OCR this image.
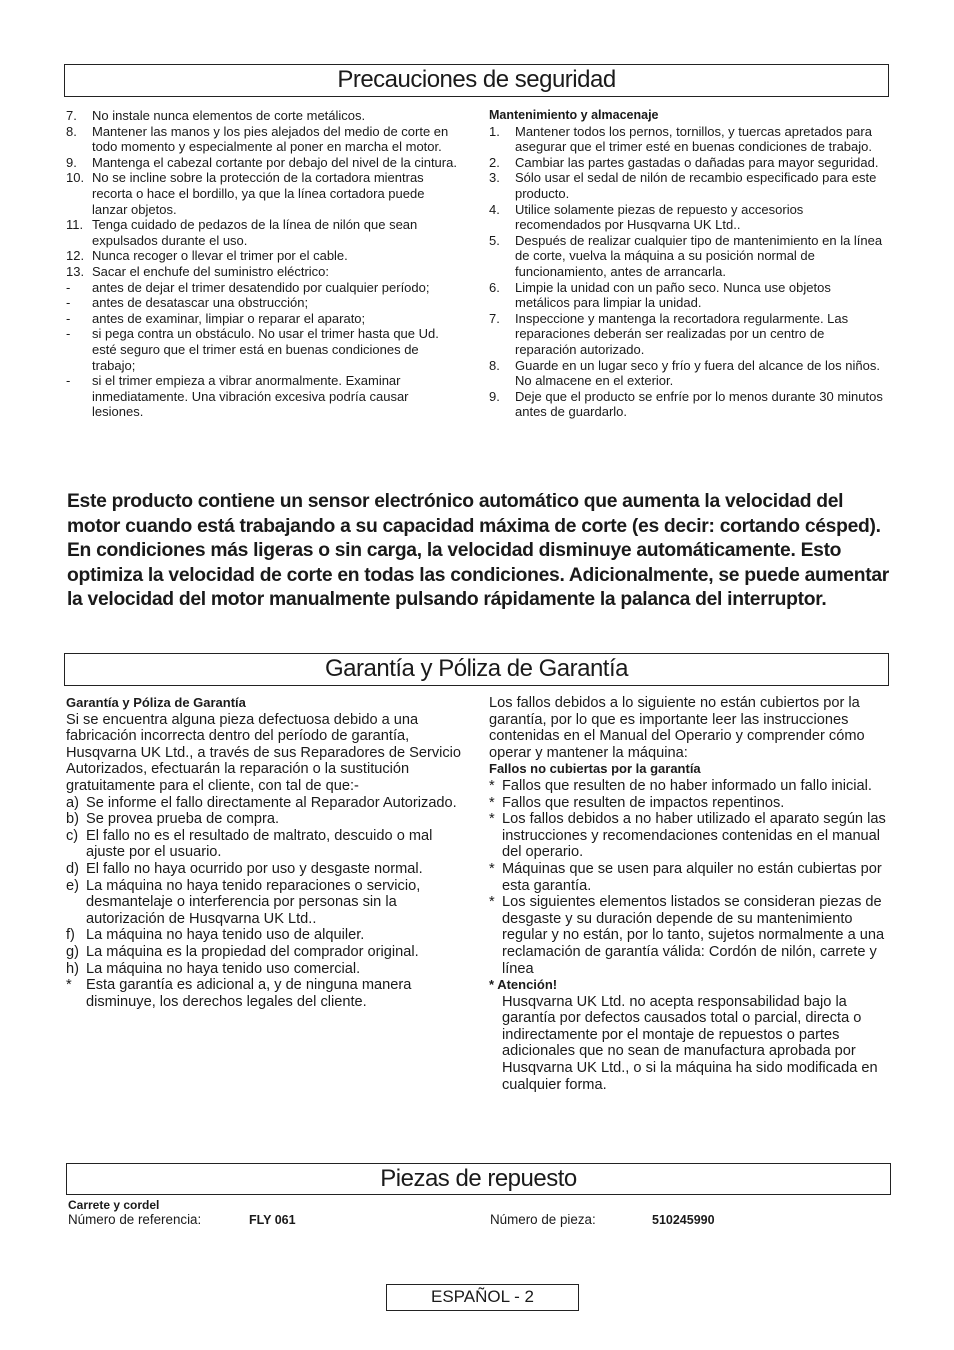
Precauciones de seguridad
7.	No instale nunca elementos de corte metálicos.
8.	Mantener las manos y los pies alejados del medio de corte en todo momento y especialmente al poner en marcha el motor.
9.	Mantenga el cabezal cortante por debajo del nivel de la cintura.
10. No se incline sobre la protección de la cortadora mientras recorta o hace el bordillo, ya que la línea cortadora puede lanzar objetos.
11. Tenga cuidado de pedazos de la línea de nilón que sean expulsados durante el uso.
12. Nunca recoger o llevar el trimer por el cable.
13. Sacar el enchufe del suministro eléctrico:
-	antes de dejar el trimer desatendido por cualquier período;
-	antes de desatascar una obstrucción;
-	antes de examinar, limpiar o reparar el aparato;
-	si pega contra un obstáculo. No usar el trimer hasta que Ud. esté seguro que el trimer está en buenas condiciones de trabajo;
-	si el trimer empieza a vibrar anormalmente. Examinar inmediatamente. Una vibración excesiva podría causar lesiones.
Mantenimiento y almacenaje
1.	Mantener todos los pernos, tornillos, y tuercas apretados para asegurar que el trimer esté en buenas condiciones de trabajo.
2.	Cambiar las partes gastadas o dañadas para mayor seguridad.
3.	Sólo usar el sedal de nilón de recambio especificado para este producto.
4.	Utilice solamente piezas de repuesto y accesorios recomendados por Husqvarna UK Ltd..
5.	Después de realizar cualquier tipo de mantenimiento en la línea de corte, vuelva la máquina a su posición normal de funcionamiento, antes de arrancarla.
6.	Limpie la unidad con un paño seco. Nunca use objetos metálicos para limpiar la unidad.
7.	Inspeccione y mantenga la recortadora regularmente. Las reparaciones deberán ser realizadas por un centro de reparación autorizado.
8.	Guarde en un lugar seco y frío y fuera del alcance de los niños. No almacene en el exterior.
9.	Deje que el producto se enfríe por lo menos durante 30 minutos antes de guardarlo.
Este producto contiene un sensor electrónico automático que aumenta la velocidad del motor cuando está trabajando a su capacidad máxima de corte (es decir: cortando césped). En condiciones más ligeras o sin carga, la velocidad disminuye automáticamente. Esto optimiza la velocidad de corte en todas las condiciones. Adicionalmente, se puede aumentar la velocidad del motor manualmente pulsando rápidamente la palanca del interruptor.
Garantía y Póliza de Garantía
Garantía y Póliza de Garantía
Si se encuentra alguna pieza defectuosa debido a una fabricación incorrecta dentro del período de garantía, Husqvarna UK Ltd., a través de sus Reparadores de Servicio Autorizados, efectuarán la reparación o la sustitución gratuitamente para el cliente, con tal de que:-
a) Se informe el fallo directamente al Reparador Autorizado.
b) Se provea prueba de compra.
c) El fallo no es el resultado de maltrato, descuido o mal ajuste por el usuario.
d) El fallo no haya ocurrido por uso y desgaste normal.
e) La máquina no haya tenido reparaciones o servicio, desmantelaje o interferencia por personas sin la autorización de Husqvarna UK Ltd..
f) La máquina no haya tenido uso de alquiler.
g) La máquina es la propiedad del comprador original.
h) La máquina no haya tenido uso comercial.
* Esta garantía es adicional a, y de ninguna manera disminuye, los derechos legales del cliente.
Los fallos debidos a lo siguiente no están cubiertos por la garantía, por lo que es importante leer las instrucciones contenidas en el Manual del Operario y comprender cómo operar y mantener la máquina:
Fallos no cubiertas por la garantía
* Fallos que resulten de no haber informado un fallo inicial.
* Fallos que resulten de impactos repentinos.
* Los fallos debidos a no haber utilizado el aparato según las instrucciones y recomendaciones contenidas en el manual del operario.
* Máquinas que se usen para alquiler no están cubiertas por esta garantía.
* Los siguientes elementos listados se consideran piezas de desgaste y su duración depende de su mantenimiento regular y no están, por lo tanto, sujetos normalmente a una reclamación de garantía válida: Cordón de nilón, carrete y línea
* Atención!
Husqvarna UK Ltd. no acepta responsabilidad bajo la garantía por defectos causados total o parcial, directa o indirectamente por el montaje de repuestos o partes adicionales que no sean de manufactura aprobada por Husqvarna UK Ltd., o si la máquina ha sido modificada en cualquier forma.
Piezas de repuesto
Carrete y cordel
Número de referencia:	FLY 061	Número de pieza:	510245990
ESPAÑOL - 2
